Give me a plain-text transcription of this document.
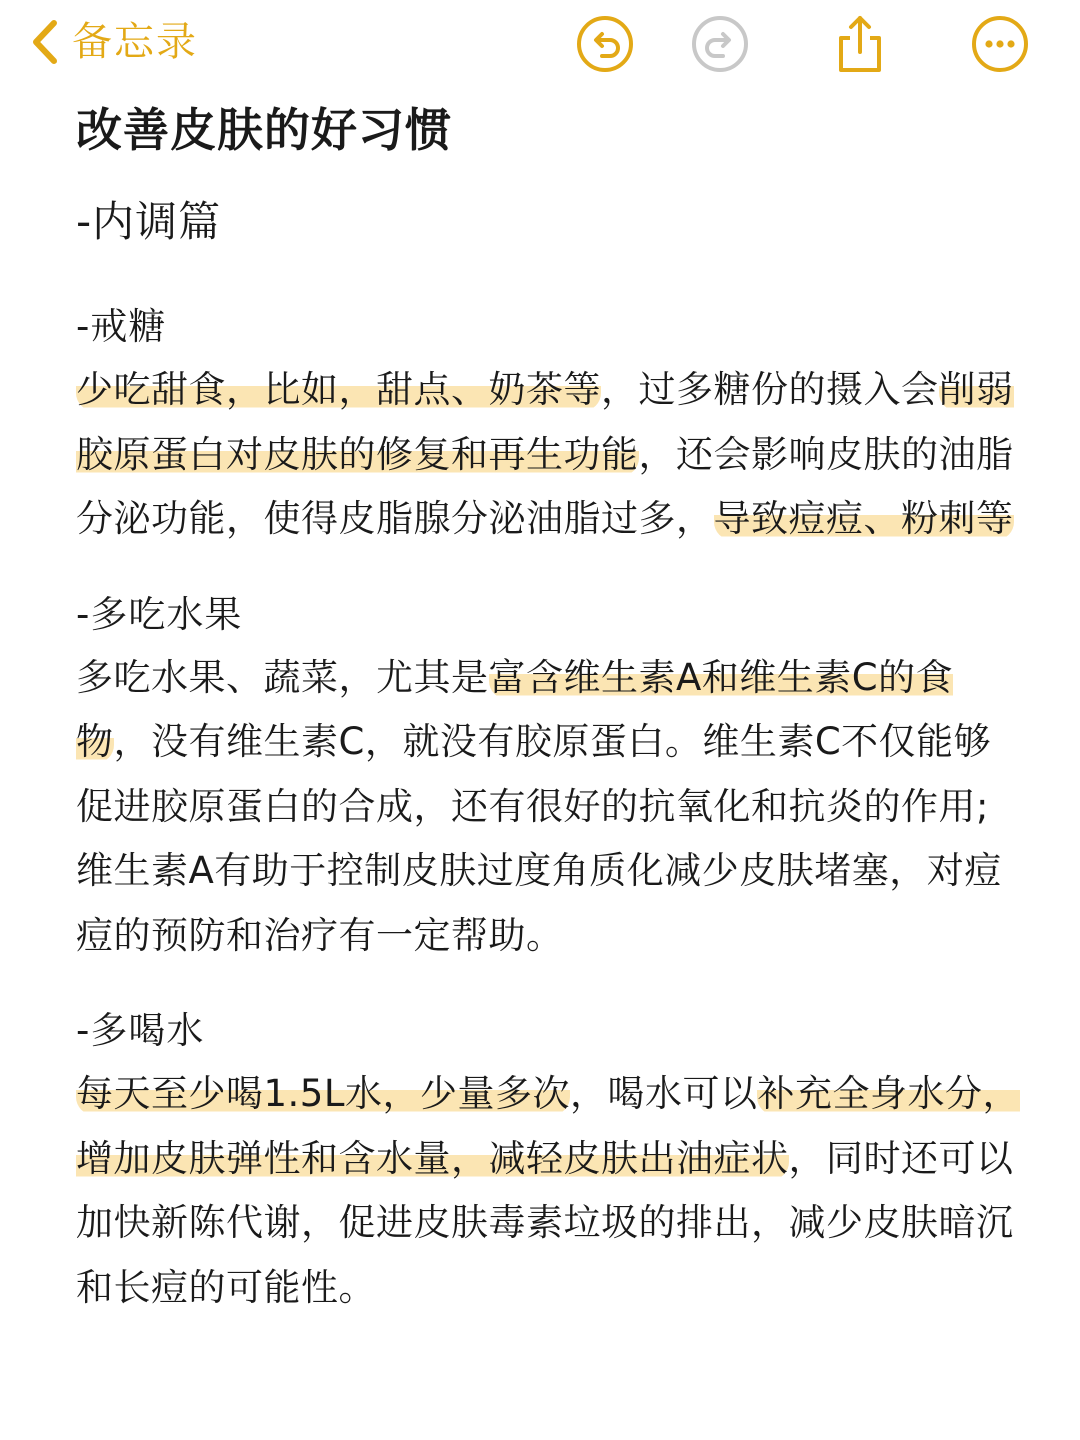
备忘录
改善皮肤的好习惯
-内调篇
-戒糖

少吃甜食，比如，甜点、奶茶等，过多糖份的摄入会削弱胶原蛋白对皮肤的修复和再生功能，还会影响皮肤的油脂分泌功能，使得皮脂腺分泌油脂过多，导致痘痘、粉刺等

-多吃水果

多吃水果、蔬菜，尤其是富含维生素A和维生素C的食物，没有维生素C，就没有胶原蛋白。维生素C不仅能够促进胶原蛋白的合成，还有很好的抗氧化和抗炎的作用;维生素A有助于控制皮肤过度角质化减少皮肤堵塞，对痘痘的预防和治疗有一定帮助。

-多喝水

每天至少喝1.5L水，少量多次，喝水可以补充全身水分，增加皮肤弹性和含水量，减轻皮肤出油症状，同时还可以加快新陈代谢，促进皮肤毒素垃圾的排出，减少皮肤暗沉和长痘的可能性。
